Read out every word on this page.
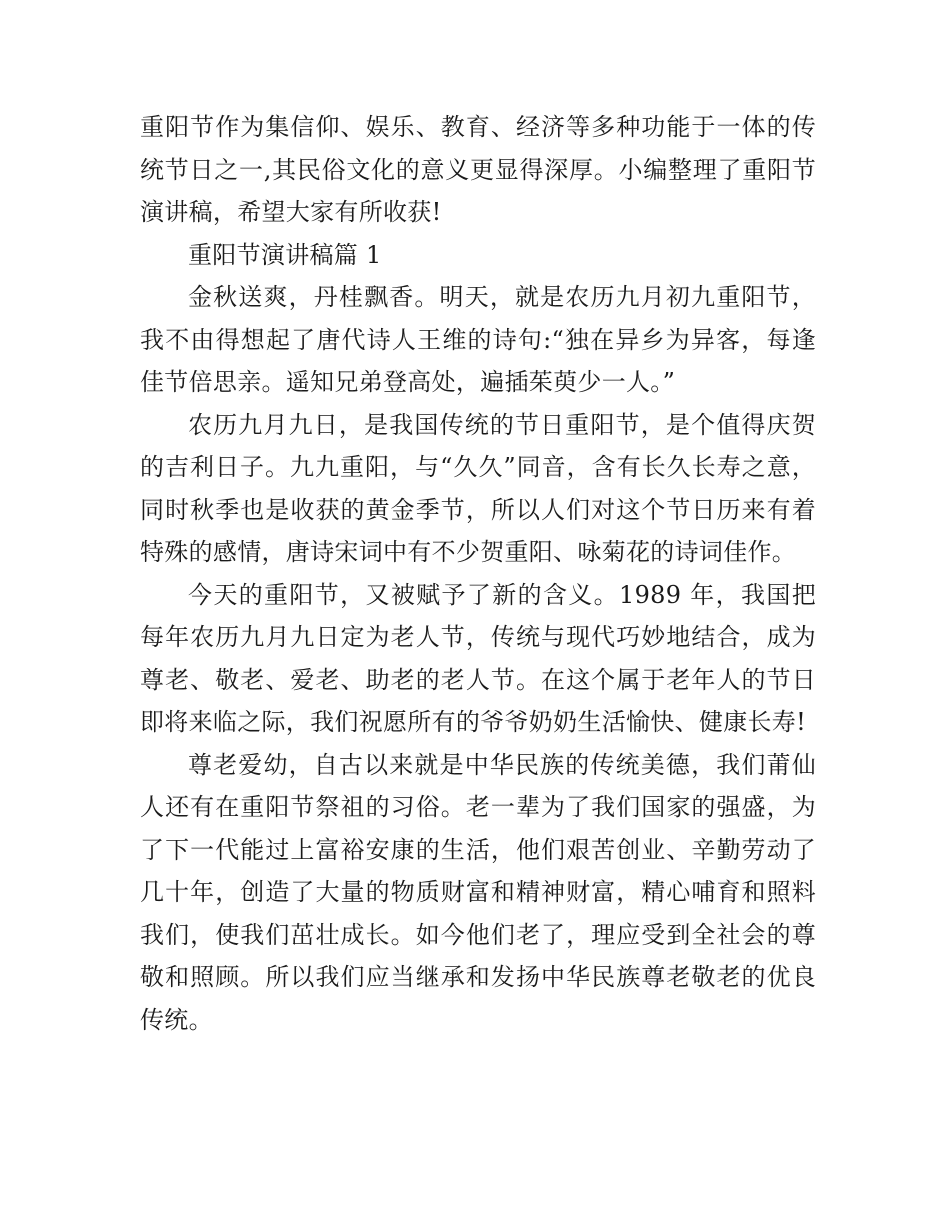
重阳节作为集信仰、娱乐、教育、经济等多种功能于一体的传统节日之一,其民俗文化的意义更显得深厚。小编整理了重阳节演讲稿，希望大家有所收获!

重阳节演讲稿篇 1

金秋送爽，丹桂飘香。明天，就是农历九月初九重阳节，我不由得想起了唐代诗人王维的诗句:“独在异乡为异客，每逢佳节倍思亲。遥知兄弟登高处，遍插茱萸少一人。”

农历九月九日，是我国传统的节日重阳节，是个值得庆贺的吉利日子。九九重阳，与“久久”同音，含有长久长寿之意，同时秋季也是收获的黄金季节，所以人们对这个节日历来有着特殊的感情，唐诗宋词中有不少贺重阳、咏菊花的诗词佳作。

今天的重阳节，又被赋予了新的含义。1989 年，我国把每年农历九月九日定为老人节，传统与现代巧妙地结合，成为尊老、敬老、爱老、助老的老人节。在这个属于老年人的节日即将来临之际，我们祝愿所有的爷爷奶奶生活愉快、健康长寿!

尊老爱幼，自古以来就是中华民族的传统美德，我们莆仙人还有在重阳节祭祖的习俗。老一辈为了我们国家的强盛，为了下一代能过上富裕安康的生活，他们艰苦创业、辛勤劳动了几十年，创造了大量的物质财富和精神财富，精心哺育和照料我们，使我们茁壮成长。如今他们老了，理应受到全社会的尊敬和照顾。所以我们应当继承和发扬中华民族尊老敬老的优良传统。
